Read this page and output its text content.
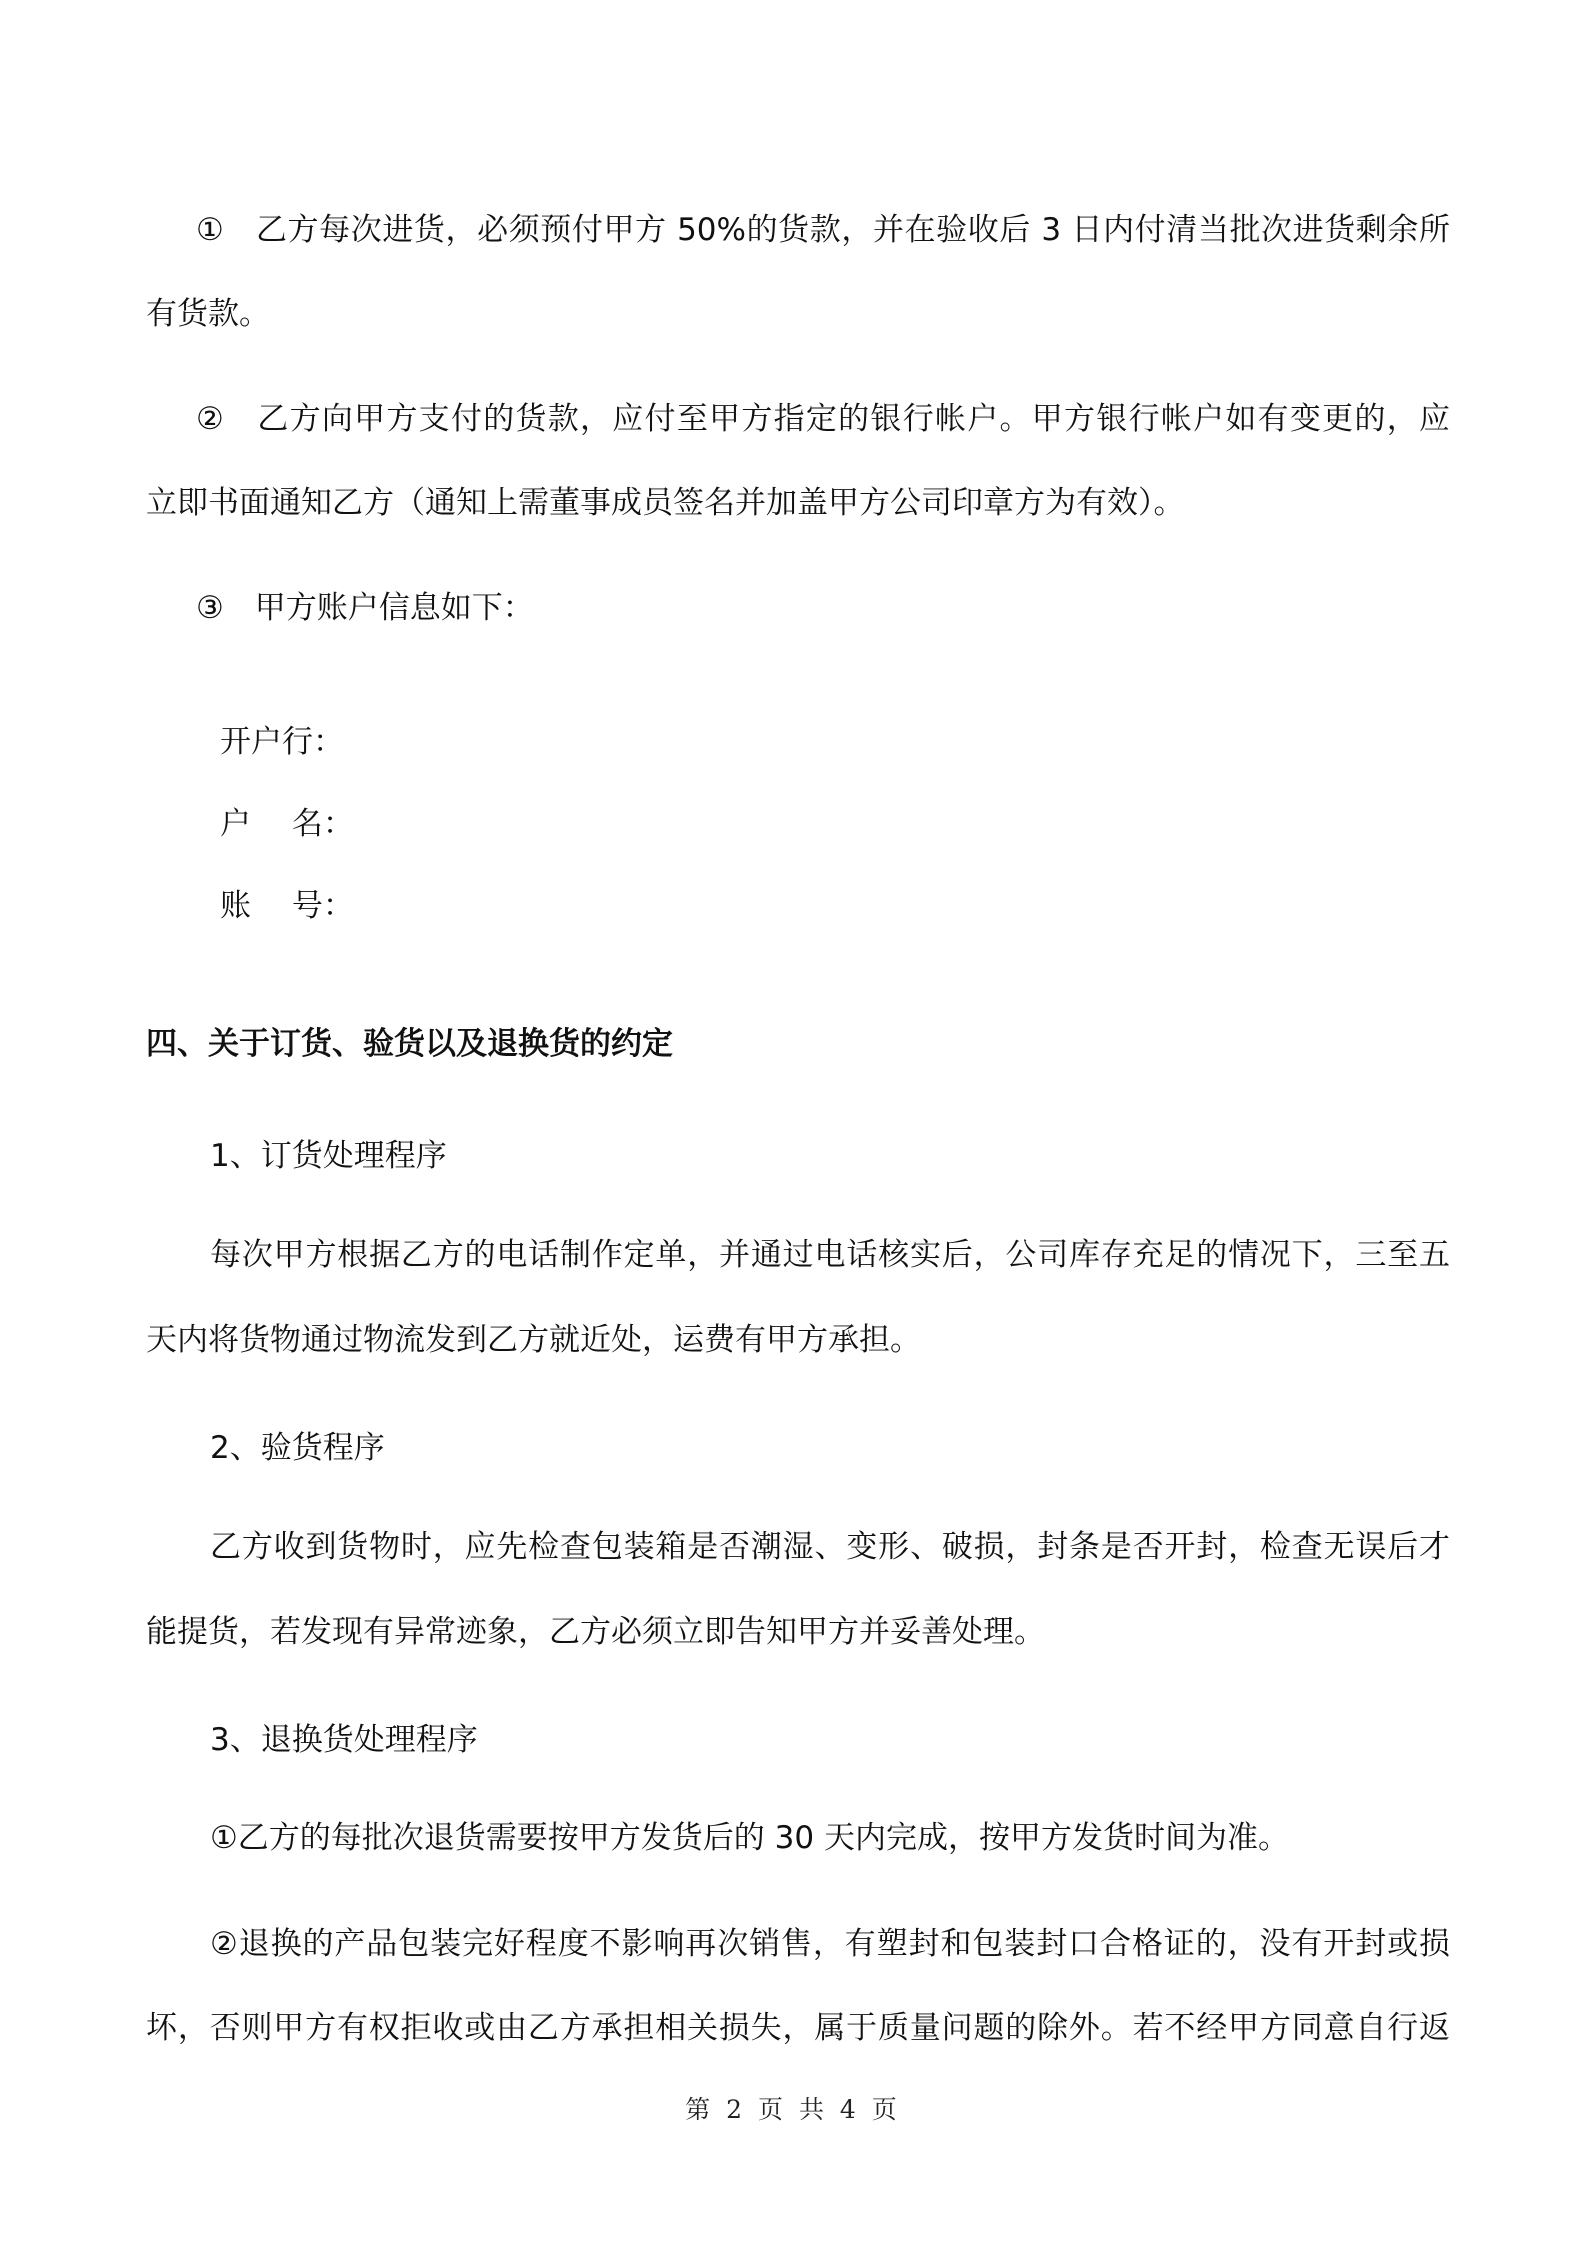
①　乙方每次进货，必须预付甲方 50%的货款，并在验收后 3 日内付清当批次进货剩余所
有货款。
②　乙方向甲方支付的货款，应付至甲方指定的银行帐户。甲方银行帐户如有变更的，应
立即书面通知乙方（通知上需董事成员签名并加盖甲方公司印章方为有效）。
③　甲方账户信息如下：
开户行：
户　 名：
账　 号：
四、关于订货、验货以及退换货的约定
1、订货处理程序
每次甲方根据乙方的电话制作定单，并通过电话核实后，公司库存充足的情况下，三至五
天内将货物通过物流发到乙方就近处，运费有甲方承担。
2、验货程序
乙方收到货物时，应先检查包装箱是否潮湿、变形、破损，封条是否开封，检查无误后才
能提货，若发现有异常迹象，乙方必须立即告知甲方并妥善处理。
3、退换货处理程序
①乙方的每批次退货需要按甲方发货后的 30 天内完成，按甲方发货时间为准。
②退换的产品包装完好程度不影响再次销售，有塑封和包装封口合格证的，没有开封或损
坏，否则甲方有权拒收或由乙方承担相关损失，属于质量问题的除外。若不经甲方同意自行返
第 2 页 共 4 页
